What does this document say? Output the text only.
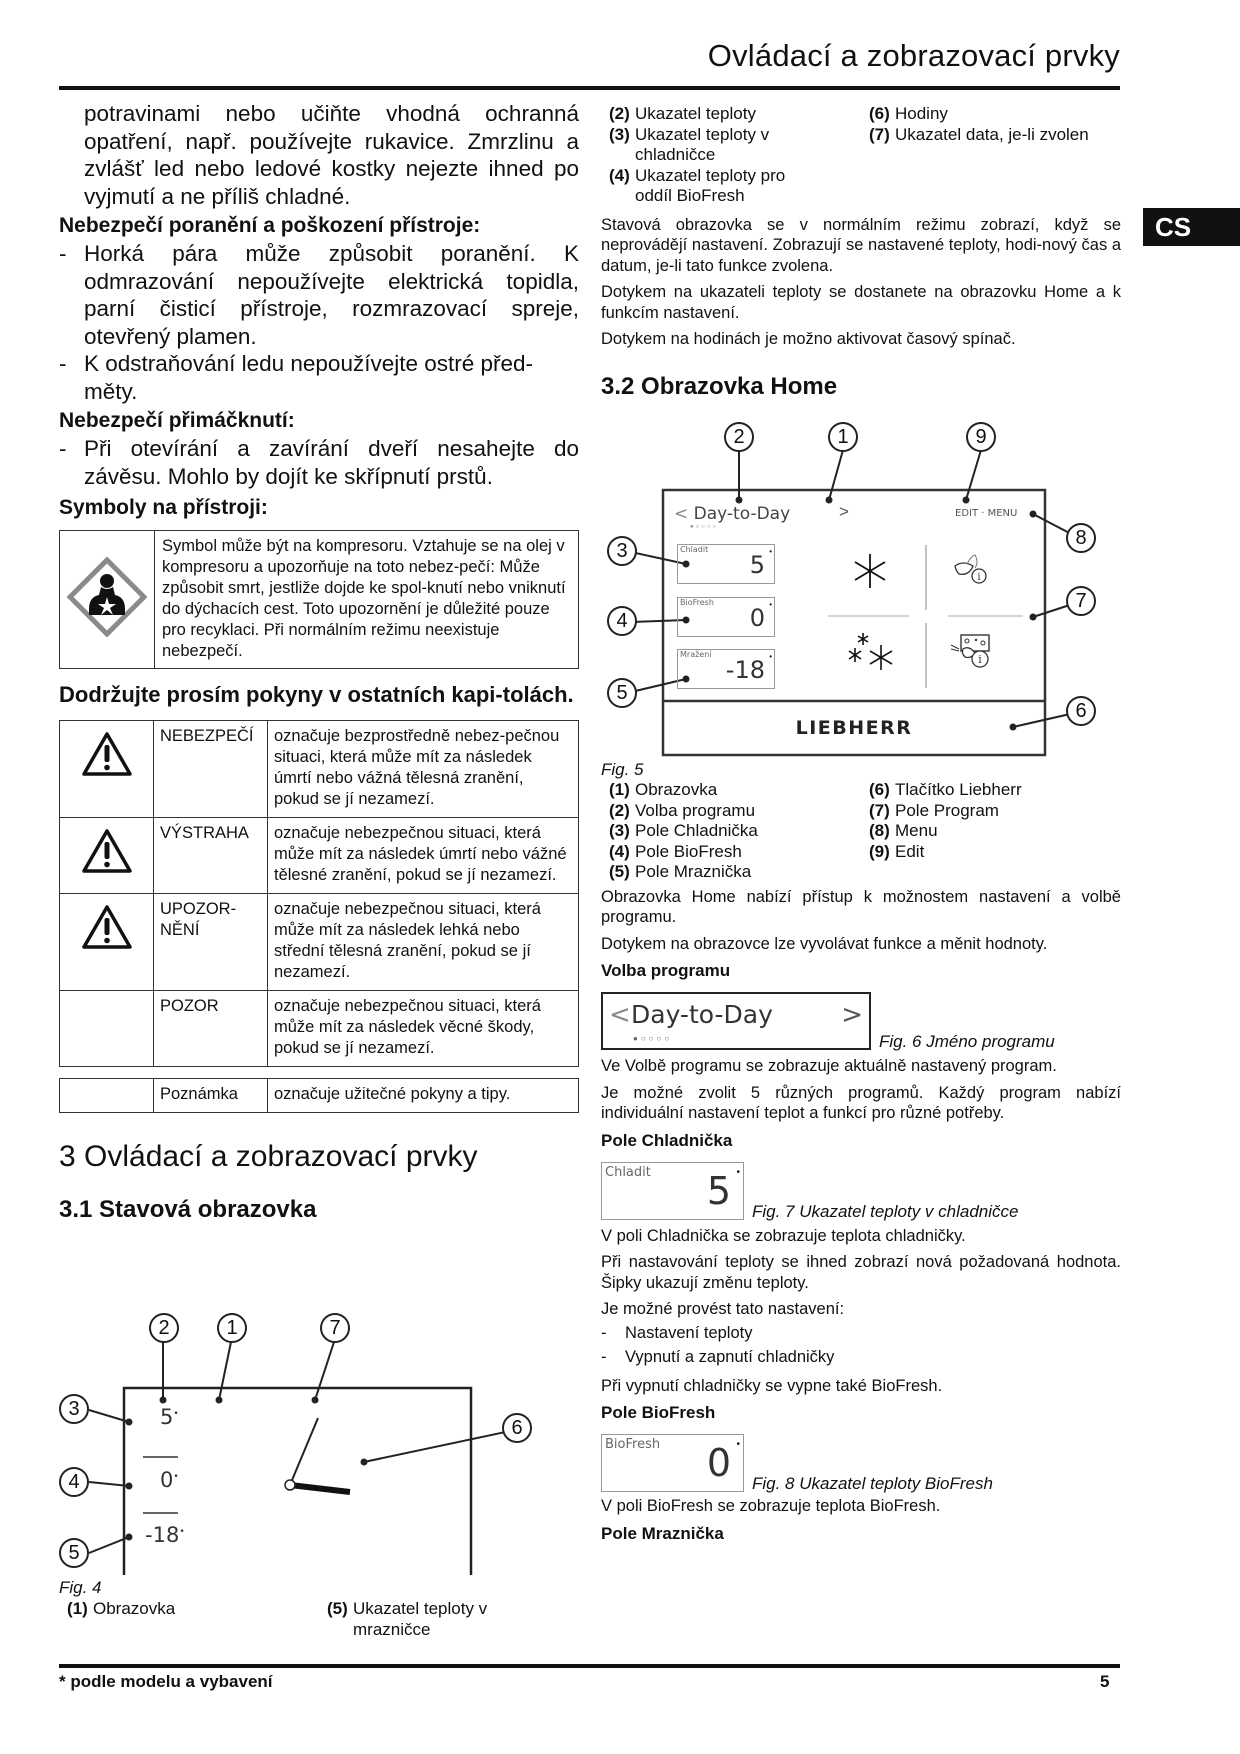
Ovládací a zobrazovací prvky
CS

potravinami nebo učiňte vhodná ochranná opatření, např. používejte rukavice. Zmrzlinu a zvlášť led nebo ledové kostky nejezte ihned po vyjmutí a ne příliš chladné.

Nebezpečí poranění a poškození přístroje:
- Horká pára může způsobit poranění. K odmrazování nepoužívejte elektrická topidla, parní čisticí přístroje, rozmrazovací spreje, otevřený plamen.
- K odstraňování ledu nepoužívejte ostré před-měty.
Nebezpečí přimáčknutí:
- Při otevírání a zavírání dveří nesahejte do závěsu. Mohlo by dojít ke skřípnutí prstů.
Symboly na přístroji:
	Symbol může být na kompresoru. Vztahuje se na olej v kompresoru a upozorňuje na toto nebez-pečí: Může způsobit smrt, jestliže dojde ke spol-knutí nebo vniknutí do dýchacích cest. Toto upozornění je důležité pouze pro recyklaci. Při normálním režimu neexistuje nebezpečí.
Dodržujte prosím pokyny v ostatních kapi-tolách.
	NEBEZPEČÍ	označuje bezprostředně nebez-pečnou situaci, která může mít za následek úmrtí nebo vážná tělesná zranění, pokud se jí nezamezí.
	VÝSTRAHA	označuje nebezpečnou situaci, která může mít za následek úmrtí nebo vážné tělesné zranění, pokud se jí nezamezí.
	UPOZOR-NĚNÍ	označuje nebezpečnou situaci, která může mít za následek lehká nebo střední tělesná zranění, pokud se jí nezamezí.
	POZOR	označuje nebezpečnou situaci, která může mít za následek věcné škody, pokud se jí nezamezí.
	Poznámka	označuje užitečné pokyny a tipy.
3 Ovládací a zobrazovací prvky
3.1 Stavová obrazovka
5•
0•
-18•
2	1	7
3
4
5
6
Fig. 4
(1) Obrazovka	(5) Ukazatel teploty v mrazničce
(2) Ukazatel teploty
(3) Ukazatel teploty v chladničce
(4) Ukazatel teploty pro oddíl BioFresh
(6) Hodiny
(7) Ukazatel data, je-li zvolen

Stavová obrazovka se v normálním režimu zobrazí, když se neprovádějí nastavení. Zobrazují se nastavené teploty, hodi-nový čas a datum, je-li tato funkce zvolena.

Dotykem na ukazateli teploty se dostanete na obrazovku Home a k funkcím nastavení.

Dotykem na hodinách je možno aktivovat časový spínač.

3.2 Obrazovka Home
< Day-to-Day	>
●○○○○
EDIT · MENU
Chladit
5 •
BioFresh
0 •
Mražení
-18 •
i
i
LIEBHERR
2	1	9
3
4
5
8
7
6
Fig. 5
(1) Obrazovka
(2) Volba programu
(3) Pole Chladnička
(4) Pole BioFresh
(5) Pole Mraznička
(6) Tlačítko Liebherr
(7) Pole Program
(8) Menu
(9) Edit

Obrazovka Home nabízí přístup k možnostem nastavení a volbě programu.

Dotykem na obrazovce lze vyvolávat funkce a měnit hodnoty.

Volba programu
< Day-to-Day	>
●○○○○	Fig. 6 Jméno programu

Ve Volbě programu se zobrazuje aktuálně nastavený program.

Je možné zvolit 5 různých programů. Každý program nabízí individuální nastavení teplot a funkcí pro různé potřeby.

Pole Chladnička
Chladit 5 •
Fig. 7 Ukazatel teploty v chladničce

V poli Chladnička se zobrazuje teplota chladničky.

Při nastavování teploty se ihned zobrazí nová požadovaná hodnota. Šipky ukazují změnu teploty.

Je možné provést tato nastavení:

-	Nastavení teploty
-	Vypnutí a zapnutí chladničky

Při vypnutí chladničky se vypne také BioFresh.

Pole BioFresh
BioFresh 0 •
Fig. 8 Ukazatel teploty BioFresh

V poli BioFresh se zobrazuje teplota BioFresh.

Pole Mraznička
* podle modelu a vybavení	5
